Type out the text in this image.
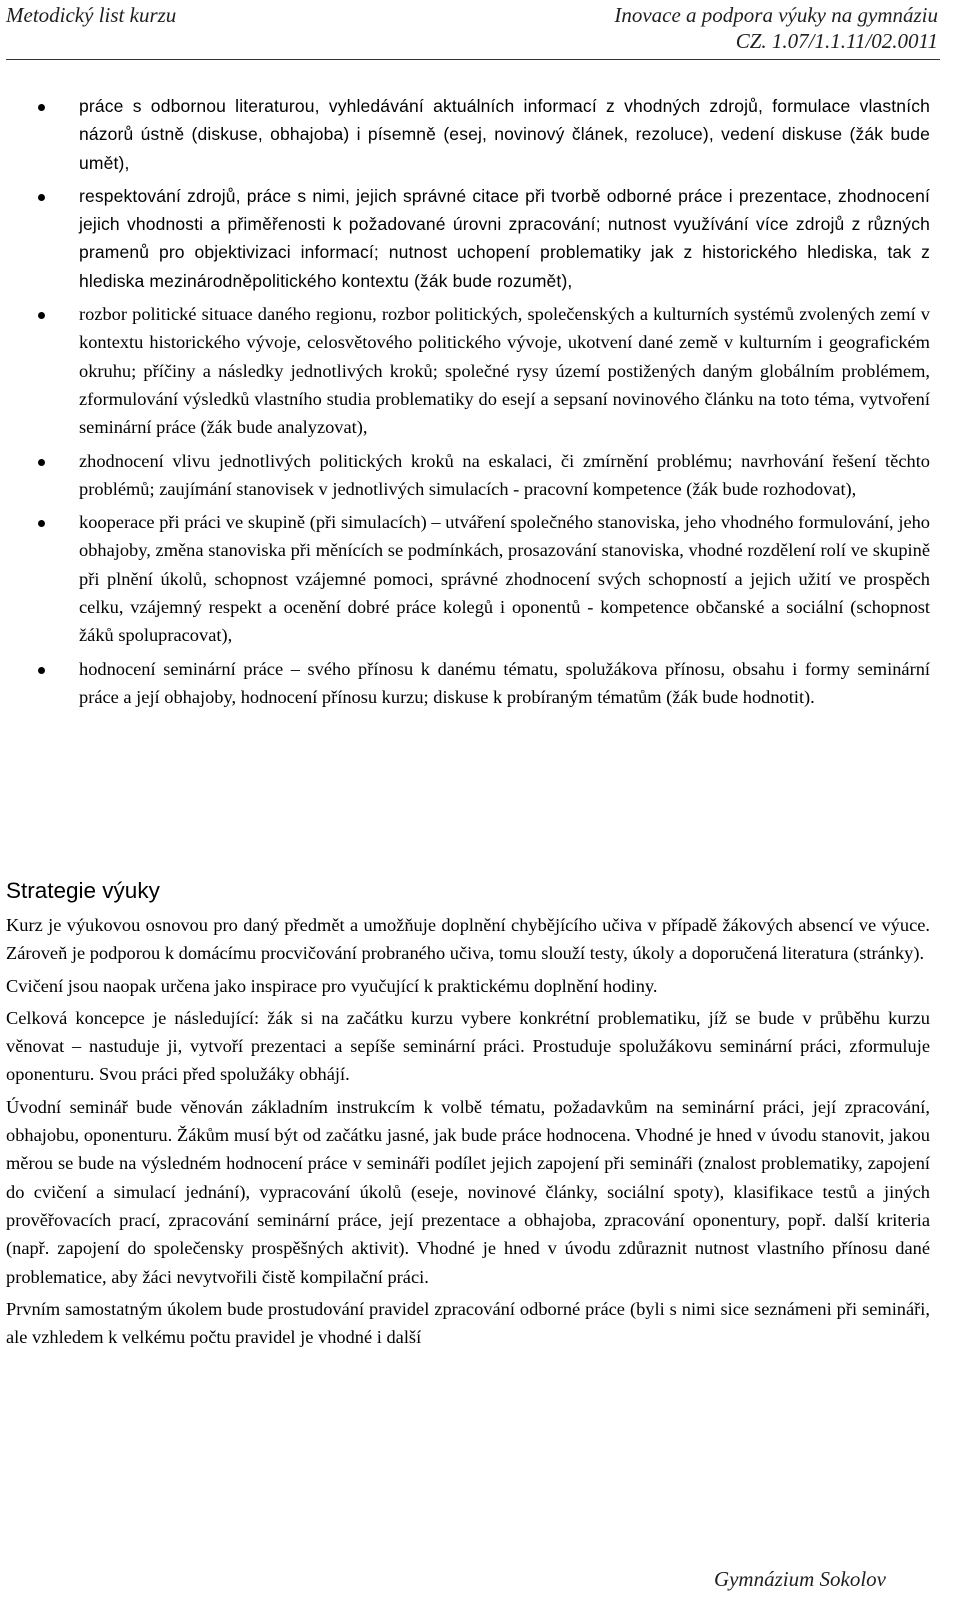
Metodický list kurzu	Inovace a podpora výuky na gymnáziu
CZ. 1.07/1.1.11/02.0011
práce s odbornou literaturou, vyhledávání aktuálních informací z vhodných zdrojů, formulace vlastních názorů ústně (diskuse, obhajoba) i písemně (esej, novinový článek, rezoluce), vedení diskuse (žák bude umět),
respektování zdrojů, práce s nimi, jejich správné citace při tvorbě odborné práce i prezentace, zhodnocení jejich vhodnosti a přiměřenosti k požadované úrovni zpracování; nutnost využívání více zdrojů z různých pramenů pro objektivizaci informací; nutnost uchopení problematiky jak z historického hlediska, tak z hlediska mezinárodněpolitického kontextu (žák bude rozumět),
rozbor politické situace daného regionu, rozbor politických, společenských a kulturních systémů zvolených zemí v kontextu historického vývoje, celosvětového politického vývoje, ukotvení dané země v kulturním i geografickém okruhu; příčiny a následky jednotlivých kroků; společné rysy území postižených daným globálním problémem, zformulování výsledků vlastního studia problematiky do esejí a sepsaní novinového článku na toto téma, vytvoření seminární práce (žák bude analyzovat),
zhodnocení vlivu jednotlivých politických kroků na eskalaci, či zmírnění problému; navrhování řešení těchto problémů; zaujímání stanovisek v jednotlivých simulacích - pracovní kompetence (žák bude rozhodovat),
kooperace při práci ve skupině (při simulacích) – utváření společného stanoviska, jeho vhodného formulování, jeho obhajoby, změna stanoviska při měnících se podmínkách, prosazování stanoviska, vhodné rozdělení rolí ve skupině při plnění úkolů, schopnost vzájemné pomoci, správné zhodnocení svých schopností a jejich užití ve prospěch celku, vzájemný respekt a ocenění dobré práce kolegů i oponentů - kompetence občanské a sociální (schopnost žáků spolupracovat),
hodnocení seminární práce – svého přínosu k danému tématu, spolužákova přínosu, obsahu i formy seminární práce a její obhajoby, hodnocení přínosu kurzu; diskuse k probíraným tématům (žák bude hodnotit).
Strategie výuky

Kurz je výukovou osnovou pro daný předmět a umožňuje doplnění chybějícího učiva v případě žákových absencí ve výuce. Zároveň je podporou k domácímu procvičování probraného učiva, tomu slouží testy, úkoly a doporučená literatura (stránky).

Cvičení jsou naopak určena jako inspirace pro vyučující k praktickému doplnění hodiny.

Celková koncepce je následující: žák si na začátku kurzu vybere konkrétní problematiku, jíž se bude v průběhu kurzu věnovat – nastuduje ji, vytvoří prezentaci a sepíše seminární práci. Prostuduje spolužákovu seminární práci, zformuluje oponenturu. Svou práci před spolužáky obhájí.

Úvodní seminář bude věnován základním instrukcím k volbě tématu, požadavkům na seminární práci, její zpracování, obhajobu, oponenturu. Žákům musí být od začátku jasné, jak bude práce hodnocena. Vhodné je hned v úvodu stanovit, jakou měrou se bude na výsledném hodnocení práce v semináři podílet jejich zapojení při semináři (znalost problematiky, zapojení do cvičení a simulací jednání), vypracování úkolů (eseje, novinové články, sociální spoty), klasifikace testů a jiných prověřovacích prací, zpracování seminární práce, její prezentace a obhajoba, zpracování oponentury, popř. další kriteria (např. zapojení do společensky prospěšných aktivit). Vhodné je hned v úvodu zdůraznit nutnost vlastního přínosu dané problematice, aby žáci nevytvořili čistě kompilační práci.

Prvním samostatným úkolem bude prostudování pravidel zpracování odborné práce (byli s nimi sice seznámeni při semináři, ale vzhledem k velkému počtu pravidel je vhodné i další

Gymnázium Sokolov
